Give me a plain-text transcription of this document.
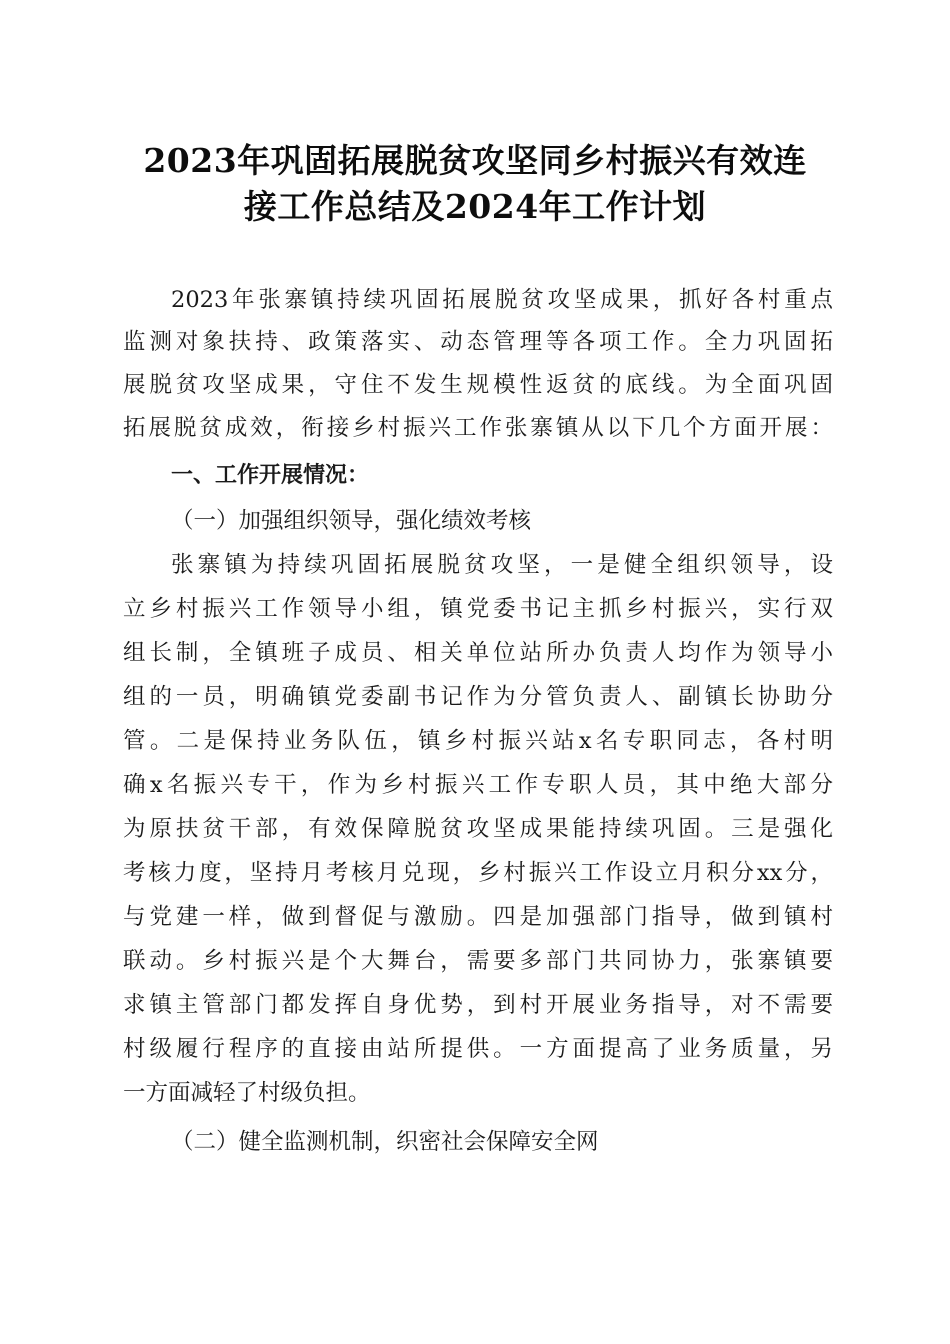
2023年巩固拓展脱贫攻坚同乡村振兴有效连
接工作总结及2024年工作计划
2023年张寨镇持续巩固拓展脱贫攻坚成果，抓好各村重点
监测对象扶持、政策落实、动态管理等各项工作。全力巩固拓
展脱贫攻坚成果，守住不发生规模性返贫的底线。为全面巩固
拓展脱贫成效，衔接乡村振兴工作张寨镇从以下几个方面开展：
一、工作开展情况：
（一）加强组织领导，强化绩效考核
张寨镇为持续巩固拓展脱贫攻坚，一是健全组织领导，设
立乡村振兴工作领导小组，镇党委书记主抓乡村振兴，实行双
组长制，全镇班子成员、相关单位站所办负责人均作为领导小
组的一员，明确镇党委副书记作为分管负责人、副镇长协助分
管。二是保持业务队伍，镇乡村振兴站x名专职同志，各村明
确x名振兴专干，作为乡村振兴工作专职人员，其中绝大部分
为原扶贫干部，有效保障脱贫攻坚成果能持续巩固。三是强化
考核力度，坚持月考核月兑现，乡村振兴工作设立月积分xx分，
与党建一样，做到督促与激励。四是加强部门指导，做到镇村
联动。乡村振兴是个大舞台，需要多部门共同协力，张寨镇要
求镇主管部门都发挥自身优势，到村开展业务指导，对不需要
村级履行程序的直接由站所提供。一方面提高了业务质量，另
一方面减轻了村级负担。
（二）健全监测机制，织密社会保障安全网
